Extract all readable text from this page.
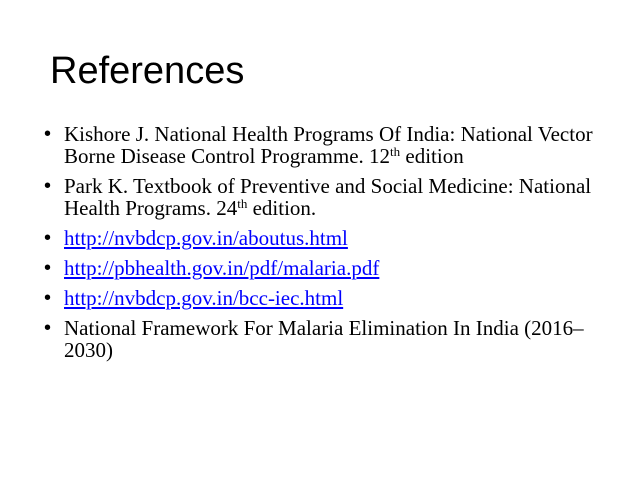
References
• Kishore J. National Health Programs Of India: National Vector Borne Disease Control Programme. 12th edition
• Park K. Textbook of Preventive and Social Medicine: National Health Programs. 24th edition.
• http://nvbdcp.gov.in/aboutus.html
• http://pbhealth.gov.in/pdf/malaria.pdf
• http://nvbdcp.gov.in/bcc-iec.html
• National Framework For Malaria Elimination In India (2016–2030)
